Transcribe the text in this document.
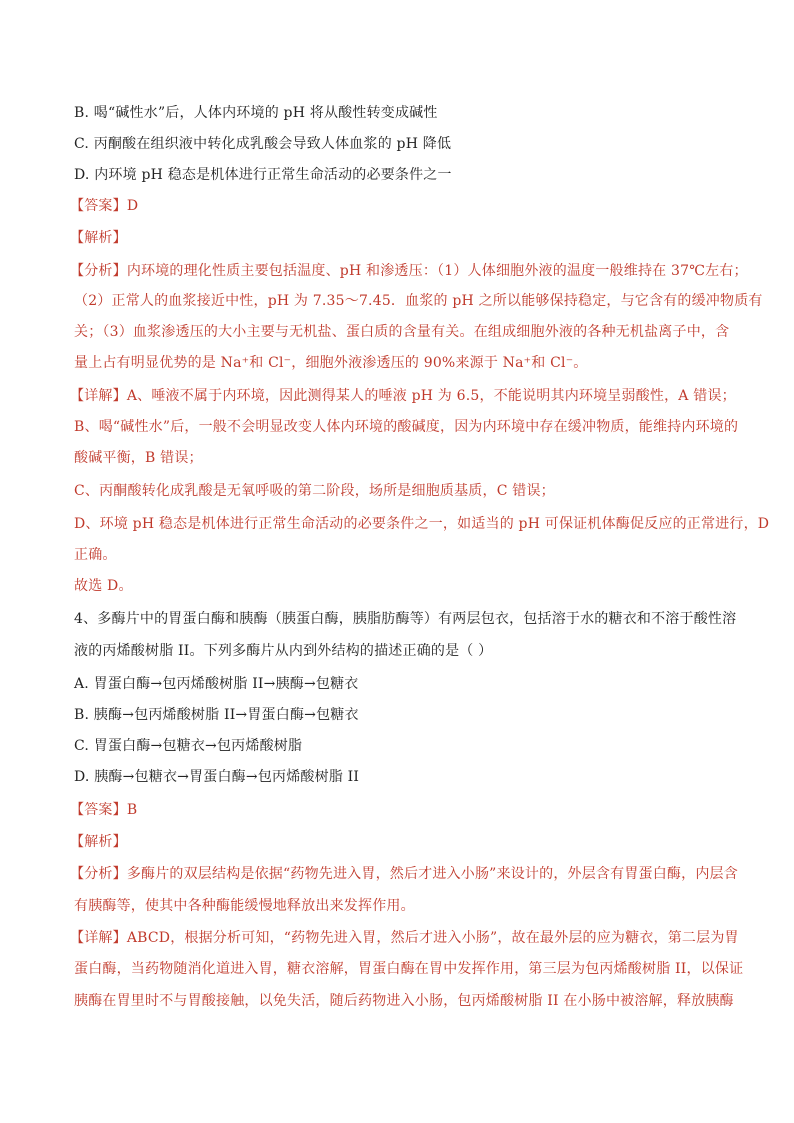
B. 喝“碱性水”后，人体内环境的 pH 将从酸性转变成碱性
C. 丙酮酸在组织液中转化成乳酸会导致人体血浆的 pH 降低
D. 内环境 pH 稳态是机体进行正常生命活动的必要条件之一
【答案】D
【解析】
【分析】内环境的理化性质主要包括温度、pH 和渗透压：（1）人体细胞外液的温度一般维持在 37℃左右；
（2）正常人的血浆接近中性，pH 为 7.35～7.45．血浆的 pH 之所以能够保持稳定，与它含有的缓冲物质有
关；（3）血浆渗透压的大小主要与无机盐、蛋白质的含量有关。在组成细胞外液的各种无机盐离子中，含
量上占有明显优势的是 Na⁺和 Cl⁻，细胞外液渗透压的 90%来源于 Na⁺和 Cl⁻。
【详解】A、唾液不属于内环境，因此测得某人的唾液 pH 为 6.5，不能说明其内环境呈弱酸性，A 错误；
B、喝“碱性水”后，一般不会明显改变人体内环境的酸碱度，因为内环境中存在缓冲物质，能维持内环境的
酸碱平衡，B 错误；
C、丙酮酸转化成乳酸是无氧呼吸的第二阶段，场所是细胞质基质，C 错误；
D、环境 pH 稳态是机体进行正常生命活动的必要条件之一，如适当的 pH 可保证机体酶促反应的正常进行，D
正确。
故选 D。
4、多酶片中的胃蛋白酶和胰酶（胰蛋白酶，胰脂肪酶等）有两层包衣，包括溶于水的糖衣和不溶于酸性溶
液的丙烯酸树脂 II。下列多酶片从内到外结构的描述正确的是（ ）
A. 胃蛋白酶→包丙烯酸树脂 II→胰酶→包糖衣
B. 胰酶→包丙烯酸树脂 II→胃蛋白酶→包糖衣
C. 胃蛋白酶→包糖衣→包丙烯酸树脂
D. 胰酶→包糖衣→胃蛋白酶→包丙烯酸树脂 II
【答案】B
【解析】
【分析】多酶片的双层结构是依据“药物先进入胃，然后才进入小肠”来设计的，外层含有胃蛋白酶，内层含
有胰酶等，使其中各种酶能缓慢地释放出来发挥作用。
【详解】ABCD，根据分析可知，“药物先进入胃，然后才进入小肠”，故在最外层的应为糖衣，第二层为胃
蛋白酶，当药物随消化道进入胃，糖衣溶解，胃蛋白酶在胃中发挥作用，第三层为包丙烯酸树脂 II，以保证
胰酶在胃里时不与胃酸接触，以免失活，随后药物进入小肠，包丙烯酸树脂 II 在小肠中被溶解，释放胰酶
